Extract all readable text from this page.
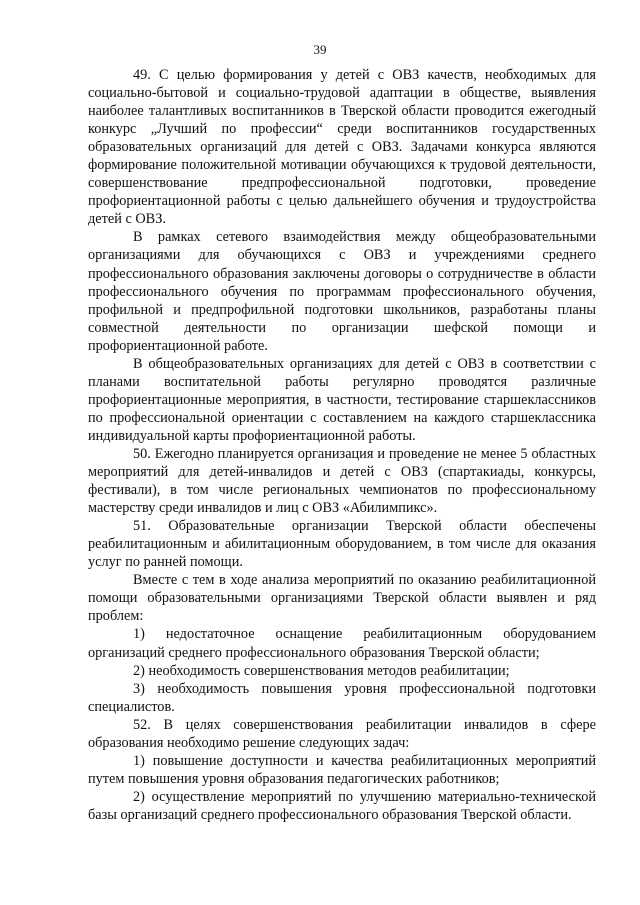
39

49. С целью формирования у детей с ОВЗ качеств, необходимых для социально-бытовой и социально-трудовой адаптации в обществе, выявления наиболее талантливых воспитанников в Тверской области проводится ежегодный конкурс „Лучший по профессии“ среди воспитанников государственных образовательных организаций для детей с ОВЗ. Задачами конкурса являются формирование положительной мотивации обучающихся к трудовой деятельности, совершенствование предпрофессиональной подготовки, проведение профориентационной работы с целью дальнейшего обучения и трудоустройства детей с ОВЗ.

В рамках сетевого взаимодействия между общеобразовательными организациями для обучающихся с ОВЗ и учреждениями среднего профессионального образования заключены договоры о сотрудничестве в области профессионального обучения по программам профессионального обучения, профильной и предпрофильной подготовки школьников, разработаны планы совместной деятельности по организации шефской помощи и профориентационной работе.

В общеобразовательных организациях для детей с ОВЗ в соответствии с планами воспитательной работы регулярно проводятся различные профориентационные мероприятия, в частности, тестирование старшеклассников по профессиональной ориентации с составлением на каждого старшеклассника индивидуальной карты профориентационной работы.

50. Ежегодно планируется организация и проведение не менее 5 областных мероприятий для детей-инвалидов и детей с ОВЗ (спартакиады, конкурсы, фестивали), в том числе региональных чемпионатов по профессиональному мастерству среди инвалидов и лиц с ОВЗ «Абилимпикс».

51. Образовательные организации Тверской области обеспечены реабилитационным и абилитационным оборудованием, в том числе для оказания услуг по ранней помощи.

Вместе с тем в ходе анализа мероприятий по оказанию реабилитационной помощи образовательными организациями Тверской области выявлен и ряд проблем:

1) недостаточное оснащение реабилитационным оборудованием организаций среднего профессионального образования Тверской области;

2) необходимость совершенствования методов реабилитации;

3) необходимость повышения уровня профессиональной подготовки специалистов.

52. В целях совершенствования реабилитации инвалидов в сфере образования необходимо решение следующих задач:

1) повышение доступности и качества реабилитационных мероприятий путем повышения уровня образования педагогических работников;

2) осуществление мероприятий по улучшению материально-технической базы организаций среднего профессионального образования Тверской области.
